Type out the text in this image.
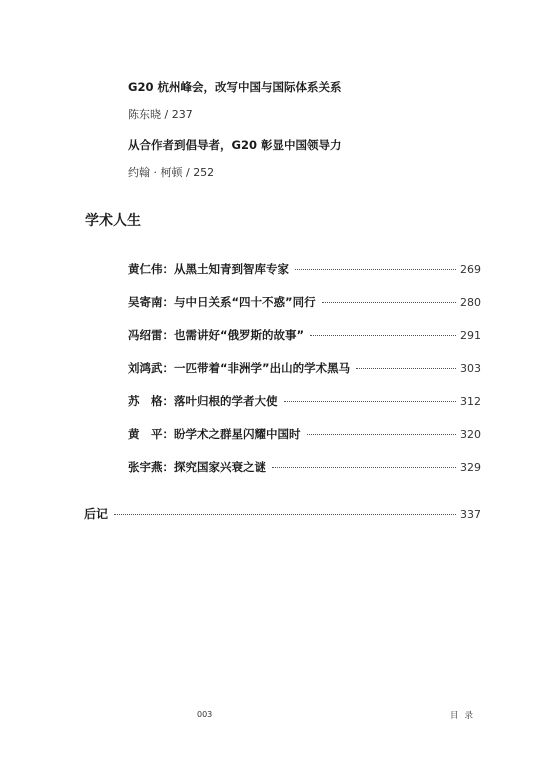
G20 杭州峰会，改写中国与国际体系关系
陈东晓 / 237
从合作者到倡导者，G20 彰显中国领导力
约翰 · 柯顿 / 252
学术人生
黄仁伟： 从黑土知青到智库专家	269
吴寄南： 与中日关系“四十不惑”同行	280
冯绍雷： 也需讲好“俄罗斯的故事”	291
刘鸿武： 一匹带着“非洲学”出山的学术黑马	303
苏　格： 落叶归根的学者大使	312
黄　平： 盼学术之群星闪耀中国时	320
张宇燕： 探究国家兴衰之谜	329
后记	337
003	目录
